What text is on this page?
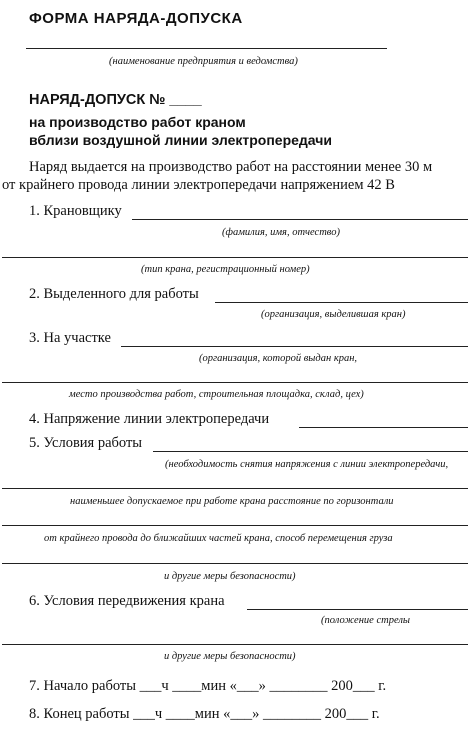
ФОРМА НАРЯДА-ДОПУСКА
(наименование предприятия и ведомства)
НАРЯД-ДОПУСК № ____
на производство работ краном
вблизи воздушной линии электропередачи
Наряд выдается на производство работ на расстоянии менее 30 м
от крайнего провода линии электропередачи напряжением 42 В
1. Крановщику
(фамилия, имя, отчество)
(тип крана, регистрационный номер)
2. Выделенного для работы
(организация, выделившая кран)
3. На участке
(организация, которой выдан кран,
место производства работ, строительная площадка, склад, цех)
4. Напряжение линии электропередачи
5. Условия работы
(необходимость снятия напряжения с линии электропередачи,
наименьшее допускаемое при работе крана расстояние по горизонтали
от крайнего провода до ближайших частей крана, способ перемещения груза
и другие меры безопасности)
6. Условия передвижения крана
(положение стрелы
и другие меры безопасности)
7. Начало работы ___ч ____мин «___» ________ 200___ г.
8. Конец работы ___ч ____мин «___» ________ 200___ г.
